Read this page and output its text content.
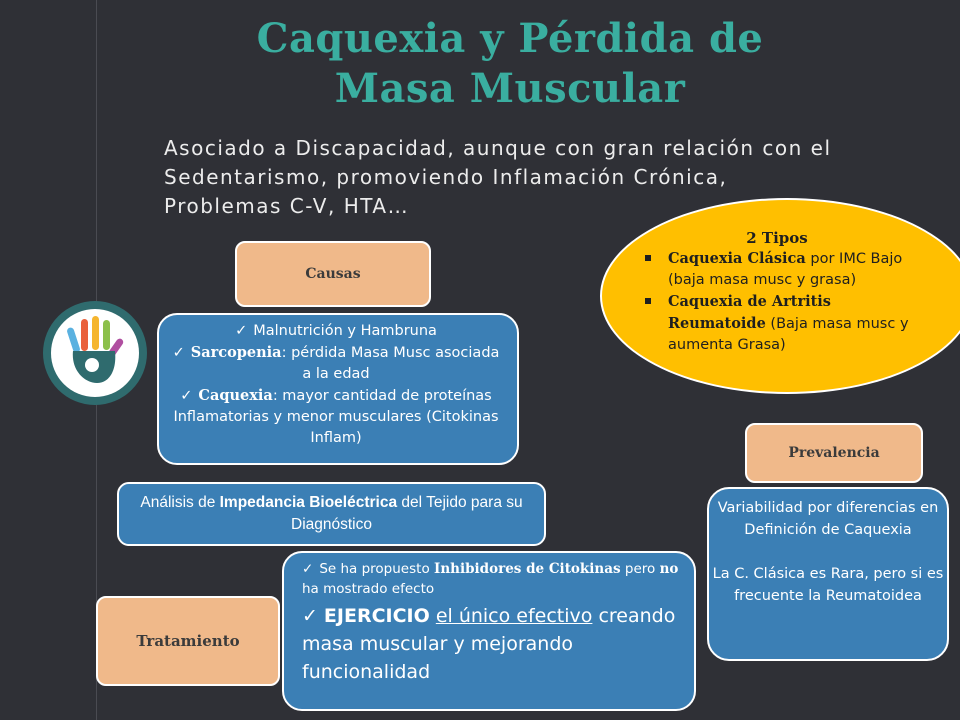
Caquexia y Pérdida de
Masa Muscular
Asociado a Discapacidad, aunque con gran relación con el
Sedentarismo, promoviendo Inflamación Crónica,
Problemas C-V, HTA…
Causas
✓ Malnutrición y Hambruna
✓ Sarcopenia: pérdida Masa Musc asociada a la edad
✓ Caquexia: mayor cantidad de proteínas Inflamatorias y menor musculares (Citokinas Inflam)
Análisis de Impedancia Bioeléctrica del Tejido para su Diagnóstico
Tratamiento
✓ Se ha propuesto Inhibidores de Citokinas pero no ha mostrado efecto
✓ EJERCICIO el único efectivo creando masa muscular y mejorando funcionalidad
2 Tipos
Caquexia Clásica por IMC Bajo (baja masa musc y grasa)
Caquexia de Artritis Reumatoide (Baja masa musc y aumenta Grasa)
Prevalencia

Variabilidad por diferencias en Definición de Caquexia

La C. Clásica es Rara, pero si es frecuente la Reumatoidea
